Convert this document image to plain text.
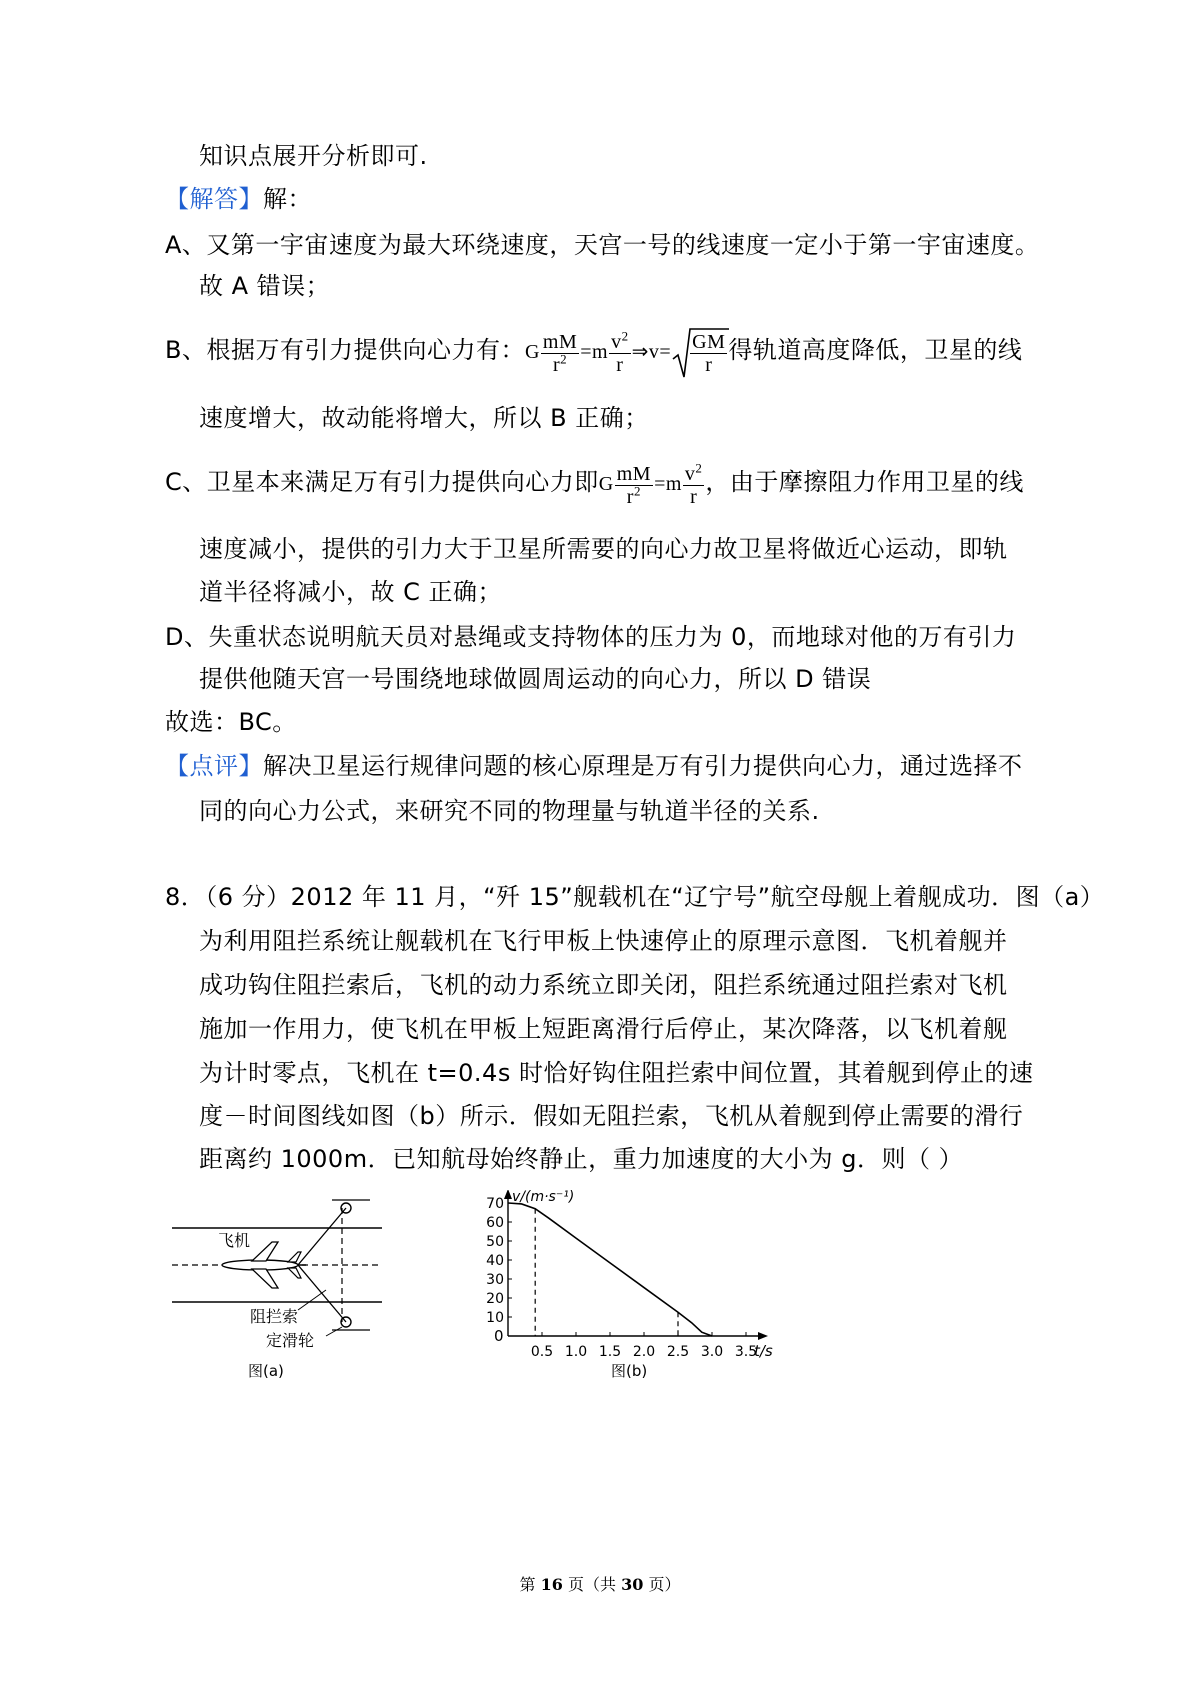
知识点展开分析即可.
【解答】解：
A、又第一宇宙速度为最大环绕速度，天宫一号的线速度一定小于第一宇宙速度。
故 A 错误；
B、根据万有引力提供向心力有：G $\frac{mM}{r^2} =m \frac{v^2}{r}$ ⇒v= $\frac{GM}{r}$ 得轨道高度降低，卫星的线
速度增大，故动能将增大，所以 B 正确；
C、卫星本来满足万有引力提供向心力即G $\frac{mM}{r^2} =m \frac{v^2}{r}$ ，由于摩擦阻力作用卫星的线
速度减小，提供的引力大于卫星所需要的向心力故卫星将做近心运动，即轨
道半径将减小，故 C 正确；
D、失重状态说明航天员对悬绳或支持物体的压力为 0，而地球对他的万有引力
提供他随天宫一号围绕地球做圆周运动的向心力，所以 D 错误
故选：BC。
【点评】解决卫星运行规律问题的核心原理是万有引力提供向心力，通过选择不
同的向心力公式，来研究不同的物理量与轨道半径的关系.
8．（6 分）2012 年 11 月，“歼 15”舰载机在“辽宁号”航空母舰上着舰成功．图（a）
为利用阻拦系统让舰载机在飞行甲板上快速停止的原理示意图．飞机着舰并
成功钩住阻拦索后，飞机的动力系统立即关闭，阻拦系统通过阻拦索对飞机
施加一作用力，使飞机在甲板上短距离滑行后停止，某次降落，以飞机着舰
为计时零点，飞机在 t=0.4s 时恰好钩住阻拦索中间位置，其着舰到停止的速
度－时间图线如图（b）所示．假如无阻拦索，飞机从着舰到停止需要的滑行
距离约 1000m．已知航母始终静止，重力加速度的大小为 g．则（ ）
飞机
阻拦索
定滑轮
图(a)
10
20
30
40
50
60
70
0.5 1.0 1.5 2.0 2.5 3.0 3.5
v/(m·s⁻¹)
t/s
0
图(b)
第 16 页（共 30 页）
